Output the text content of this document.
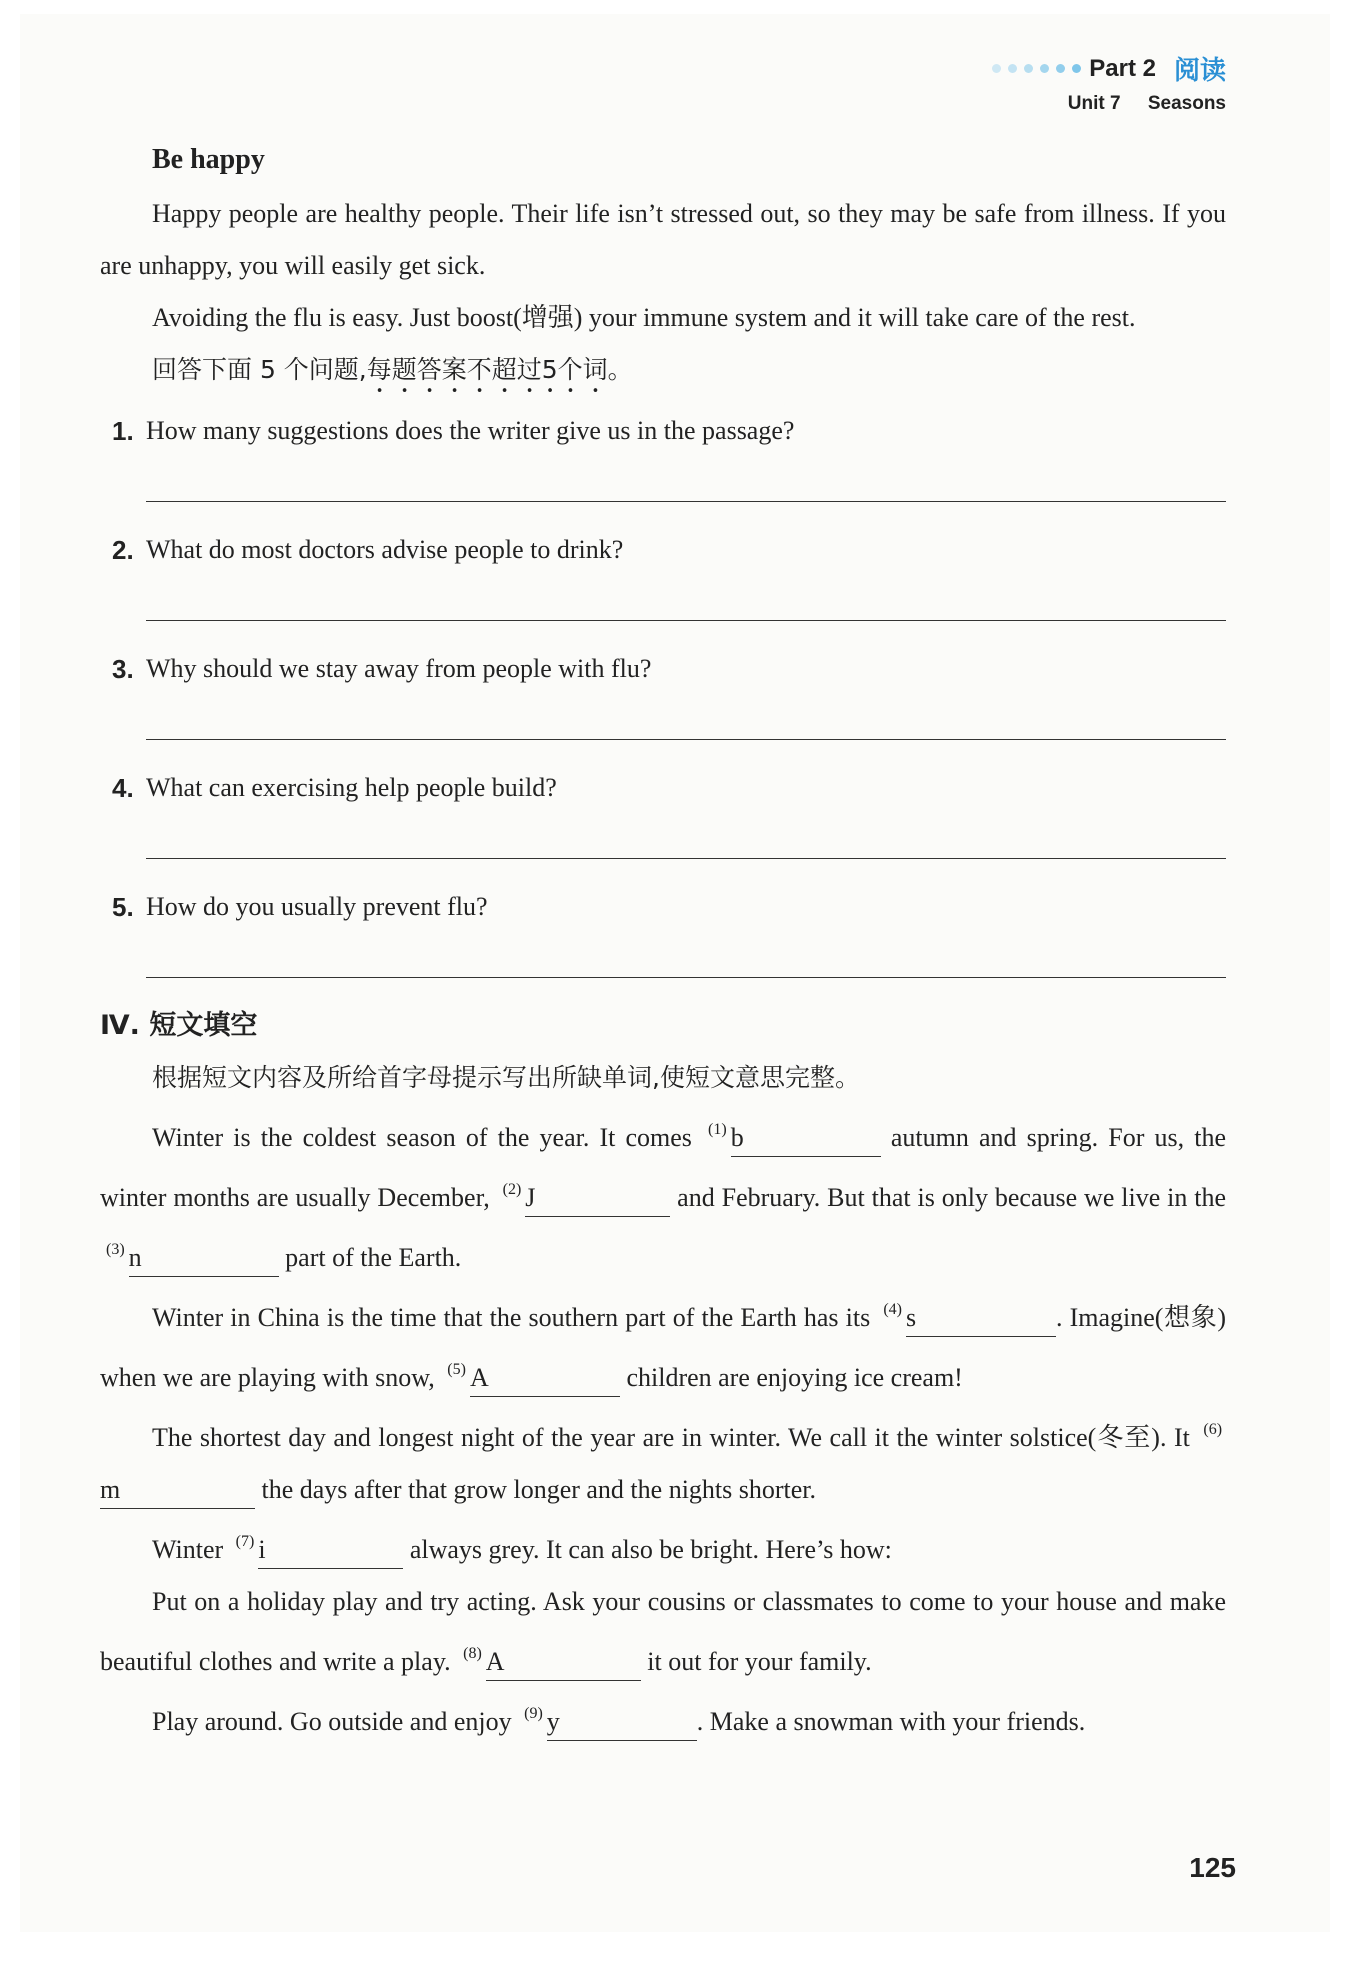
Part 2 阅读
Unit 7 Seasons
Be happy

Happy people are healthy people. Their life isn’t stressed out, so they may be safe from illness. If you are unhappy, you will easily get sick.

Avoiding the flu is easy. Just boost(增强) your immune system and it will take care of the rest.

回答下面 5 个问题,每题答案不超过5个词。
1. How many suggestions does the writer give us in the passage?
2. What do most doctors advise people to drink?
3. Why should we stay away from people with flu?
4. What can exercising help people build?
5. How do you usually prevent flu?
Ⅳ. 短文填空
根据短文内容及所给首字母提示写出所缺单词,使短文意思完整。

Winter is the coldest season of the year. It comes $^{(1)}$ b	autumn and spring. For us, the winter months are usually December, $^{(2)}$ J	and February. But that is only because we live in the $^{(3)}$ n	part of the Earth.

Winter in China is the time that the southern part of the Earth has its $^{(4)}$ s	. Imagine(想象) when we are playing with snow, $^{(5)}$ A	children are enjoying ice cream!

The shortest day and longest night of the year are in winter. We call it the winter solstice(冬至). It $^{(6)}$m	the days after that grow longer and the nights shorter.

Winter $^{(7)}$ i	always grey. It can also be bright. Here’s how:

Put on a holiday play and try acting. Ask your cousins or classmates to come to your house and make beautiful clothes and write a play. $^{(8)}$ A	it out for your family.

Play around. Go outside and enjoy $^{(9)}$ y	. Make a snowman with your friends.

125
